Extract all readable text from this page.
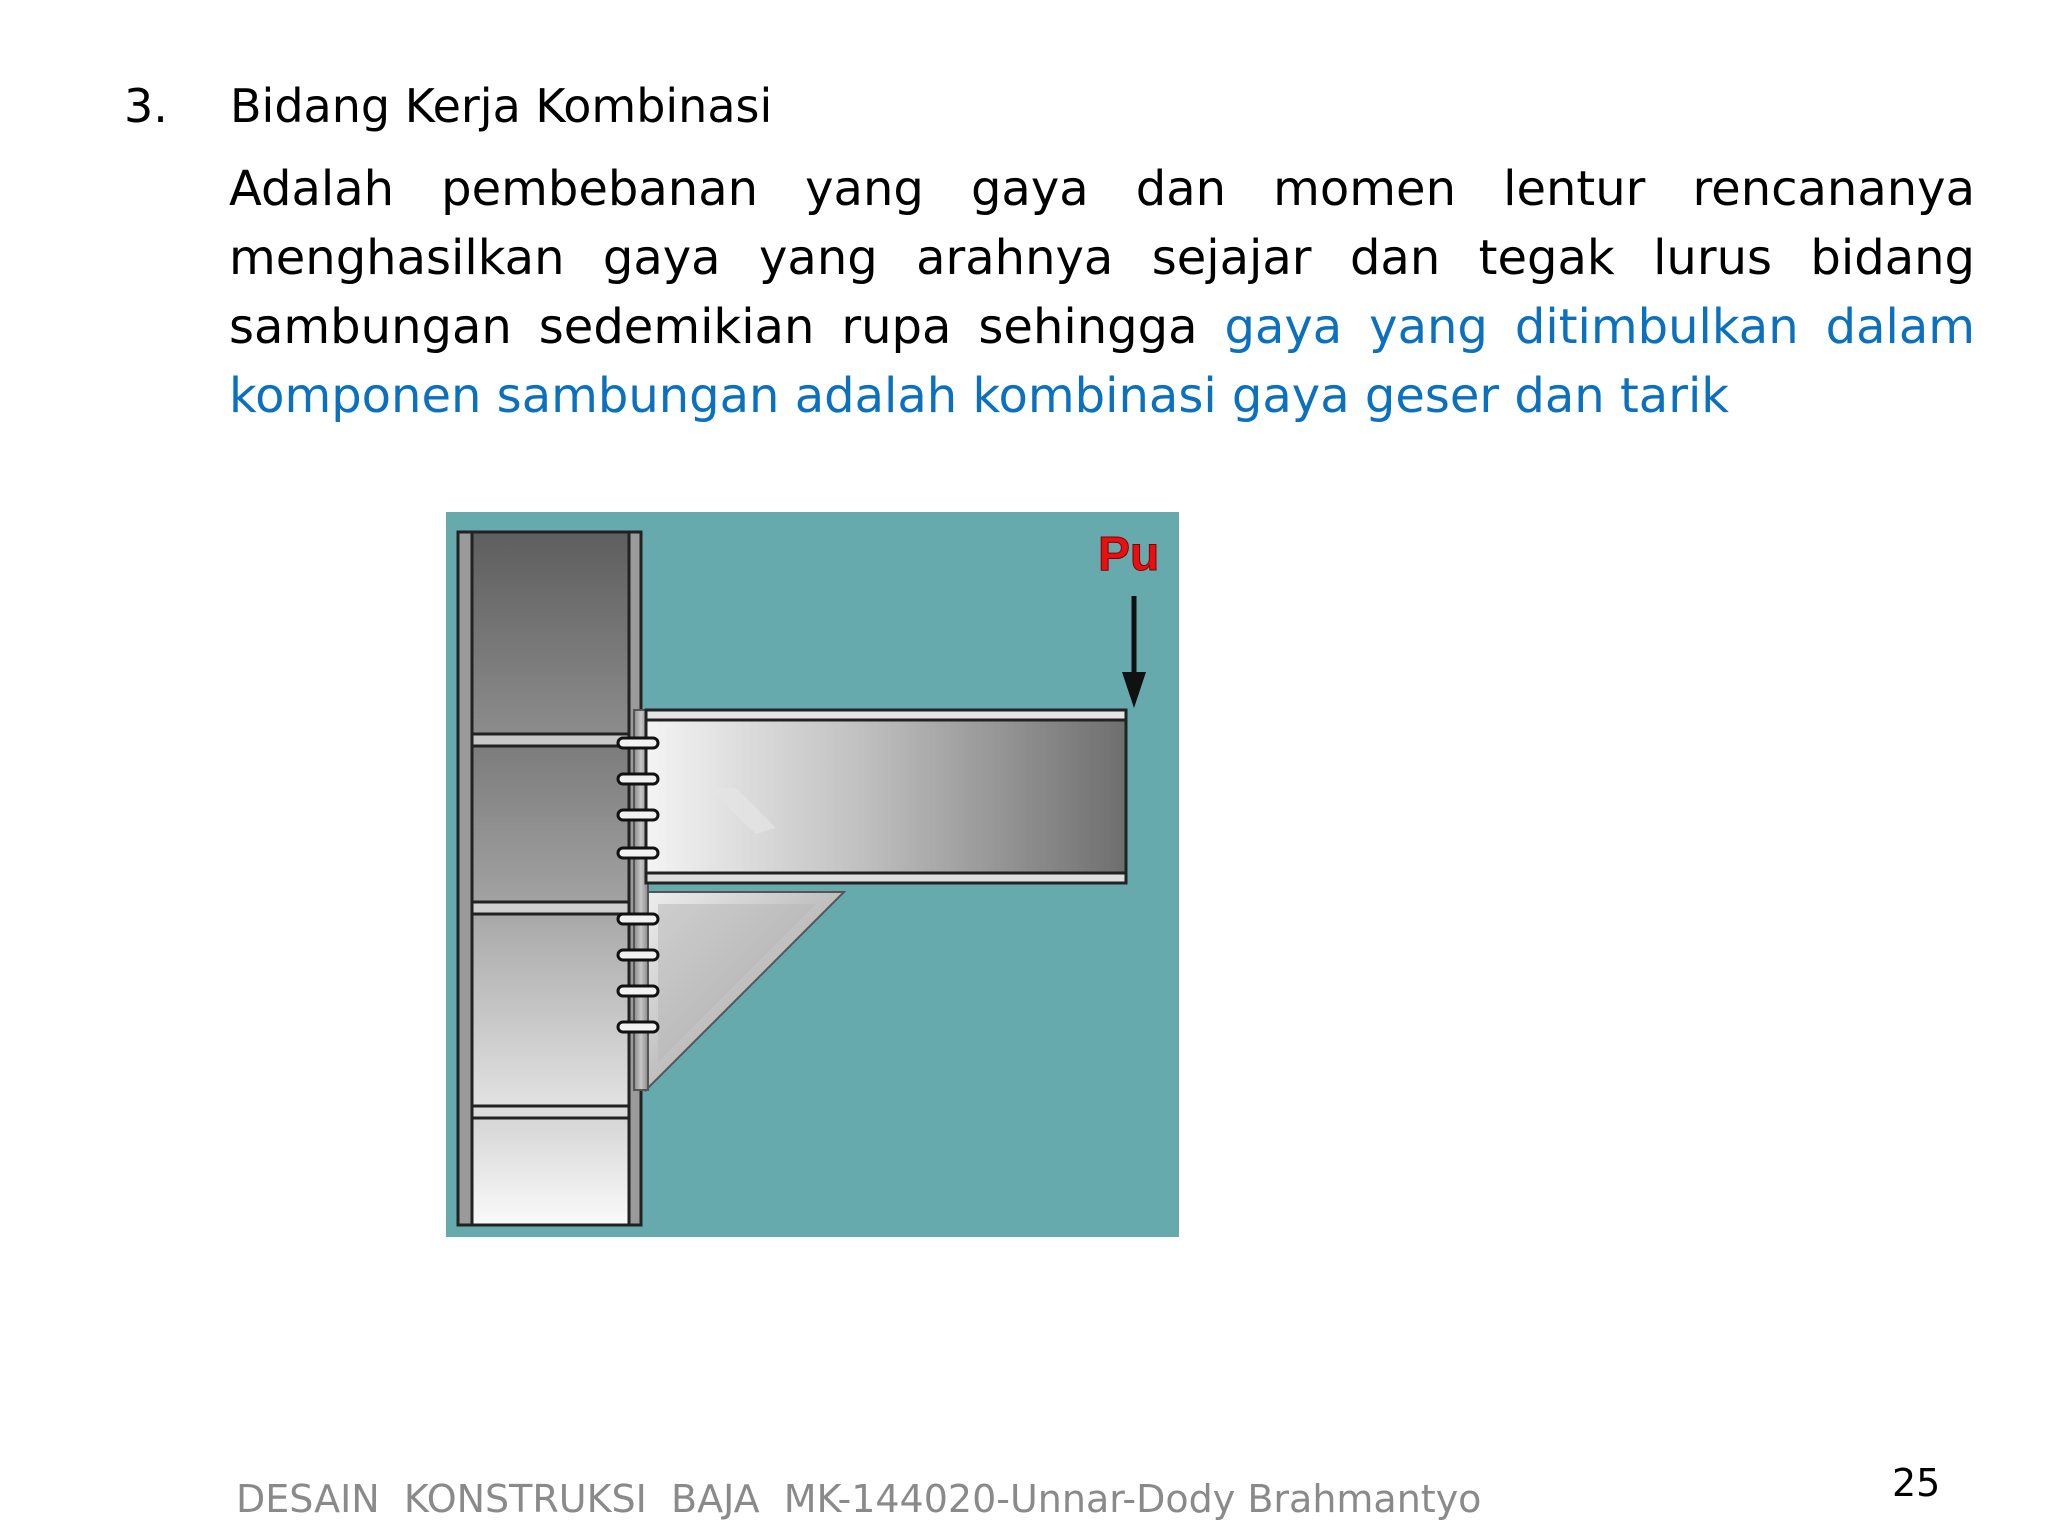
3. Bidang Kerja Kombinasi

Adalah pembebanan yang gaya dan momen lentur rencananya menghasilkan gaya yang arahnya sejajar dan tegak lurus bidang sambungan sedemikian rupa sehingga gaya yang ditimbulkan dalam komponen sambungan adalah kombinasi gaya geser dan tarik

Pu
DESAIN  KONSTRUKSI  BAJA  MK-144020-Unnar-Dody Brahmantyo	25
